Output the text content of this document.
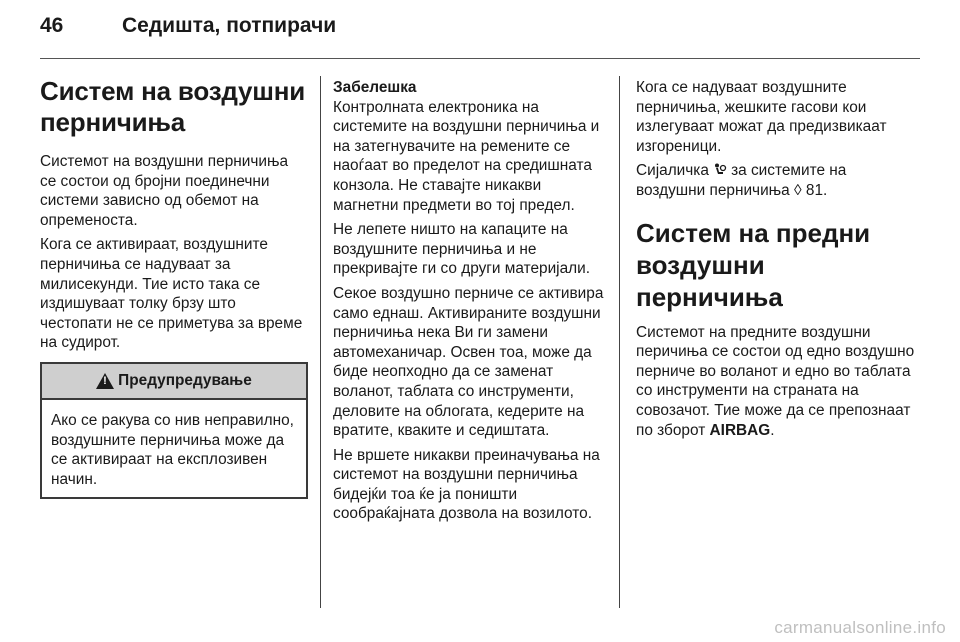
46	Седишта, потпирачи
Систем на воздушни перничиња

Системот на воздушни перничиња се состои од бројни поединечни системи зависно од обемот на опременоста.

Кога се активираат, воздушните перничиња се надуваат за милисекунди. Тие исто така се издишуваат толку брзу што честопати не се приметува за време на судирот.

!
Предупредување
Ако се ракува со нив неправилно, воздушните перничиња може да се активираат на експлозивен начин.
Забелешка

Контролната електроника на системите на воздушни перничиња и на затегнувачите на ремените се наоѓаат во пределот на средишната конзола. Не ставајте никакви магнетни предмети во тој предел.

Не лепете ништо на капаците на воздушните перничиња и не прекривајте ги со други материјали.

Секое воздушно перниче се активира само еднаш. Активираните воздушни перничиња нека Ви ги замени автомеханичар. Освен тоа, може да биде неопходно да се заменат воланот, таблата со инструменти, деловите на облогата, кедерите на вратите, кваките и седиштата.

Не вршете никакви преиначувања на системот на воздушни перничиња бидејќи тоа ќе ја поништи сообраќајната дозвола на возилото.

Кога се надуваат воздушните перничиња, жешките гасови кои излегуваат можат да предизвикаат изгореници.

Сијаличка за системите на воздушни перничиња ◊ 81.

Систем на предни воздушни перничиња

Системот на предните воздушни перичиња се состои од едно воздушно перниче во воланот и едно во таблата со инструменти на страната на совозачот. Тие може да се препознаат по зборот AIRBAG.

carmanualsonline.info
